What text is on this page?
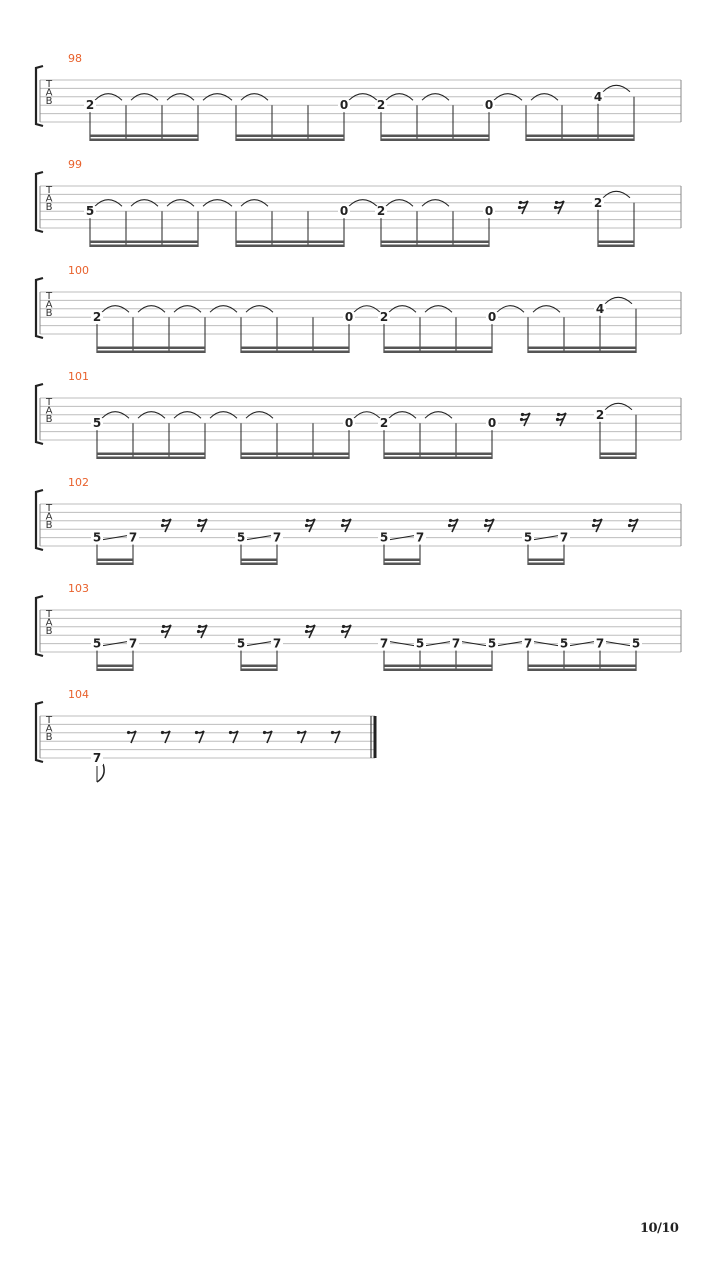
T
A
B
98
2	0 2	0
4
T
A
B
99
5	0 2	0
2
T
A
B
100
2	0 2	0
4
T
A
B
101
5	0 2	0
2
T
A
B
102
5 7	5 7	5 7	5 7
T
A
B
103
5 7	5 7	7 5 7 5 7 5 7 5
T
A
B
104
7
10/10
